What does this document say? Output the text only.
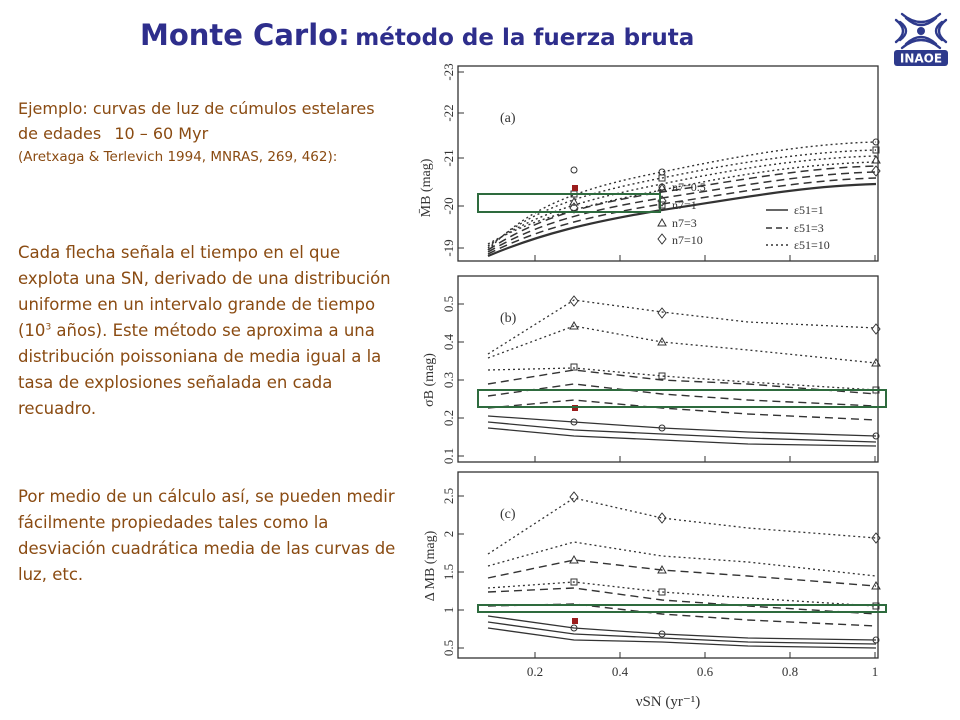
Monte Carlo: método de la fuerza bruta
INAOE
Ejemplo: curvas de luz de cúmulos estelares de edades 10 – 60 Myr
(Aretxaga & Terlevich 1994, MNRAS, 269, 462):
Cada flecha señala el tiempo en el que explota una SN, derivado de una distribución uniforme en un intervalo grande de tiempo ($10^3$ años). Este método se aproxima a una distribución poissoniana de media igual a la tasa de explosiones señalada en cada recuadro.
Por medio de un cálculo así, se pueden medir fácilmente propiedades tales como la desviación cuadrática media de las curvas de luz, etc.
-19
-20
-21
-22
-23
M̄B (mag)
(a)
n7=0.5
n7=1
n7=3
n7=10
ε51=1
ε51=3
ε51=10
0.1
0.2
0.3
0.4
0.5
σB (mag)
(b)
0.5
1
1.5
2
2.5
Δ MB (mag)
(c)
0.2	0.4	0.6	0.8	1
νSN (yr⁻¹)
